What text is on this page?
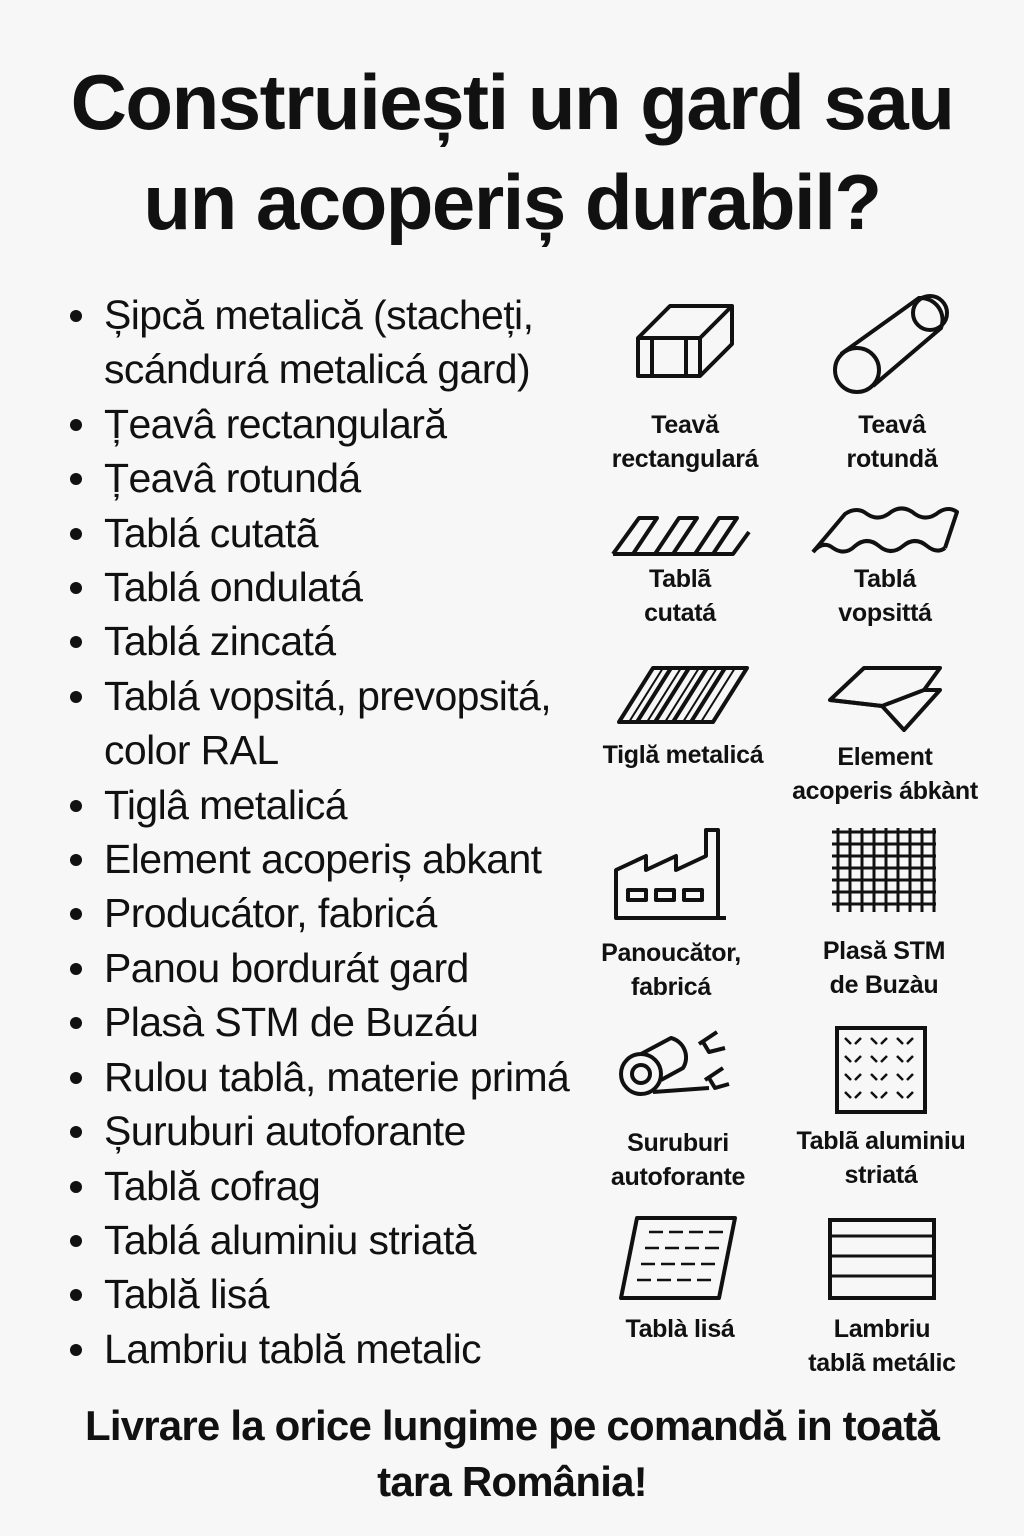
Construiești un gard sau
un acoperiș durabil?
Șipcă metalică (stacheți,
scándurá metalicá gard)
Țeavâ rectangulară
Țeavâ rotundá
Tablá cutatã
Tablá ondulatá
Tablá zincatá
Tablá vopsitá, prevopsitá,
color RAL
Tiglâ metalicá
Element acoperiș abkant
Producátor, fabricá
Panou bordurát gard
Plasà STM de Buzáu
Rulou tablâ, materie primá
Șuruburi autoforante
Tablă cofrag
Tablá aluminiu striată
Tablă lisá
Lambriu tablă metalic
Teavă
rectangulará
Teavâ
rotundă
Tablã
cutatá
Tablá
vopsittá
Tiglă metalicá	Element
acoperis ábkànt
Panoucător,
fabricá
Plasă STM
de Buzàu
Suruburi
autoforante
Tablã aluminiu
striatá
Tablà lisá	Lambriu
tablã metálic
Livrare la orice lungime pe comandă in toată
tara România!
